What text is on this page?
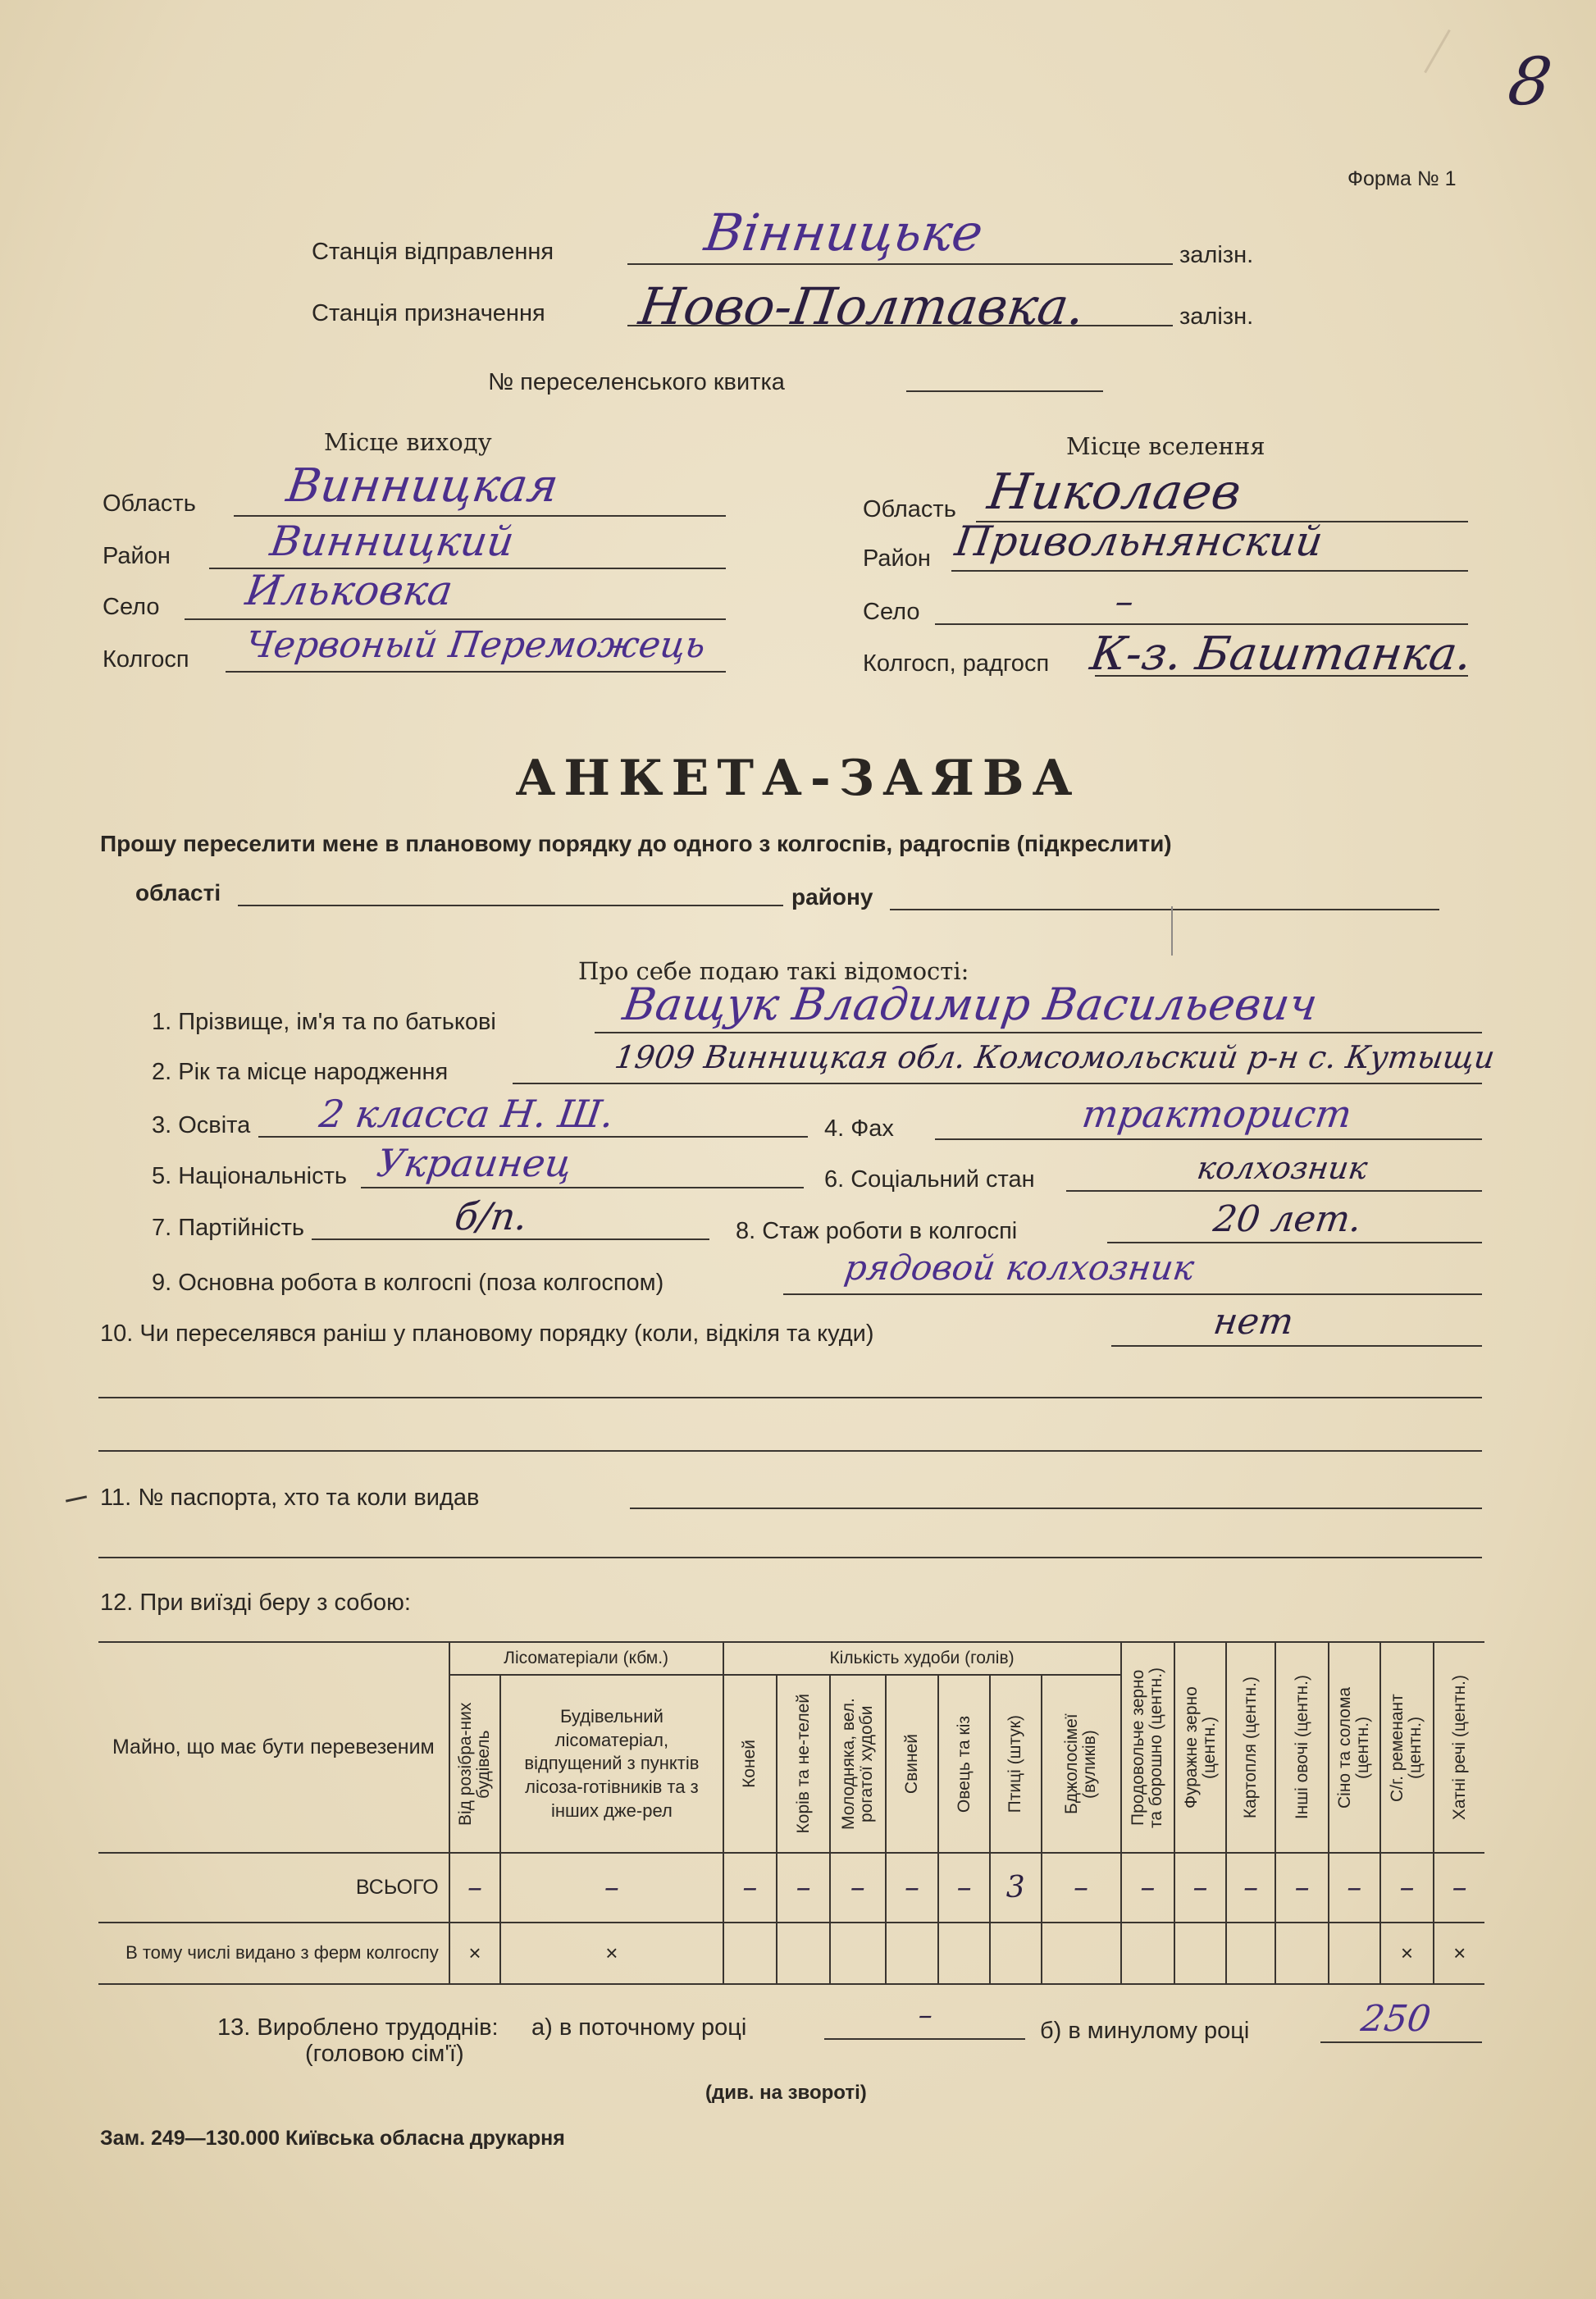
8
Форма № 1
Станція відправлення	Вінницьке	залізн.
Станція призначення Ново-Полтавка.	залізн.
№ переселенського квитка
Місце виходу	Місце вселення
Область Винницкая
Район Винницкий
Село Ильковка
Колгосп Червоный Переможець
Область Николаев
Район Привольнянский
Село	–
Колгосп, радгосп К-з. Баштанка.
АНКЕТА-ЗАЯВА
Прошу переселити мене в плановому порядку до одного з колгоспів, радгоспів (підкреслити)
області	району
Про себе подаю такі відомості:
1. Прізвище, ім'я та по батькові	Ващук Владимир Васильевич
2. Рік та місце народження	1909 Винницкая обл. Комсомольский р-н с. Кутыщи
3. Освіта 2 класса Н. Ш.	4. Фах	тракторист
5. Національність Украинец	6. Соціальний стан	колхозник
7. Партійність	б/п.	8. Стаж роботи в колгоспі	20 лет.
9. Основна робота в колгоспі (поза колгоспом)	рядовой колхозник
10. Чи переселявся раніш у плановому порядку (коли, відкіля та куди)	нет
11. № паспорта, хто та коли видав
12. При виїзді беру з собою:
Майно, що має бути перевезеним	Лісоматеріали (кбм.)		Кількість худоби (голів)							Продовольче зерно та борошно (центн.)	Фуражне зерно (центн.)	Картопля (центн.)	Інші овочі (центн.)	Сіно та солома (центн.)	С/г. ременант (центн.)	Хатні речі (центн.)

	Від розібра-них будівель	Будівельний лісоматеріал, відпущений з пунктів лісоза-готівників та з інших дже-рел	Коней	Корів та не-телей	Молодняка, вел. рогатої худоби	Свиней	Овець та кіз	Птиці (штук)	Бджолосімеї (вуликів)							

ВСЬОГО	–	–	–	–	–	–	–	3	–	–	–	–	–	–	–	–
В тому числі видано з ферм колгоспу	×	×													×	×
13. Вироблено трудоднів: а) в поточному році	–	б) в минулому році	250
(головою сім'ї)
(див. на звороті)
Зам. 249—130.000 Київська обласна друкарня
